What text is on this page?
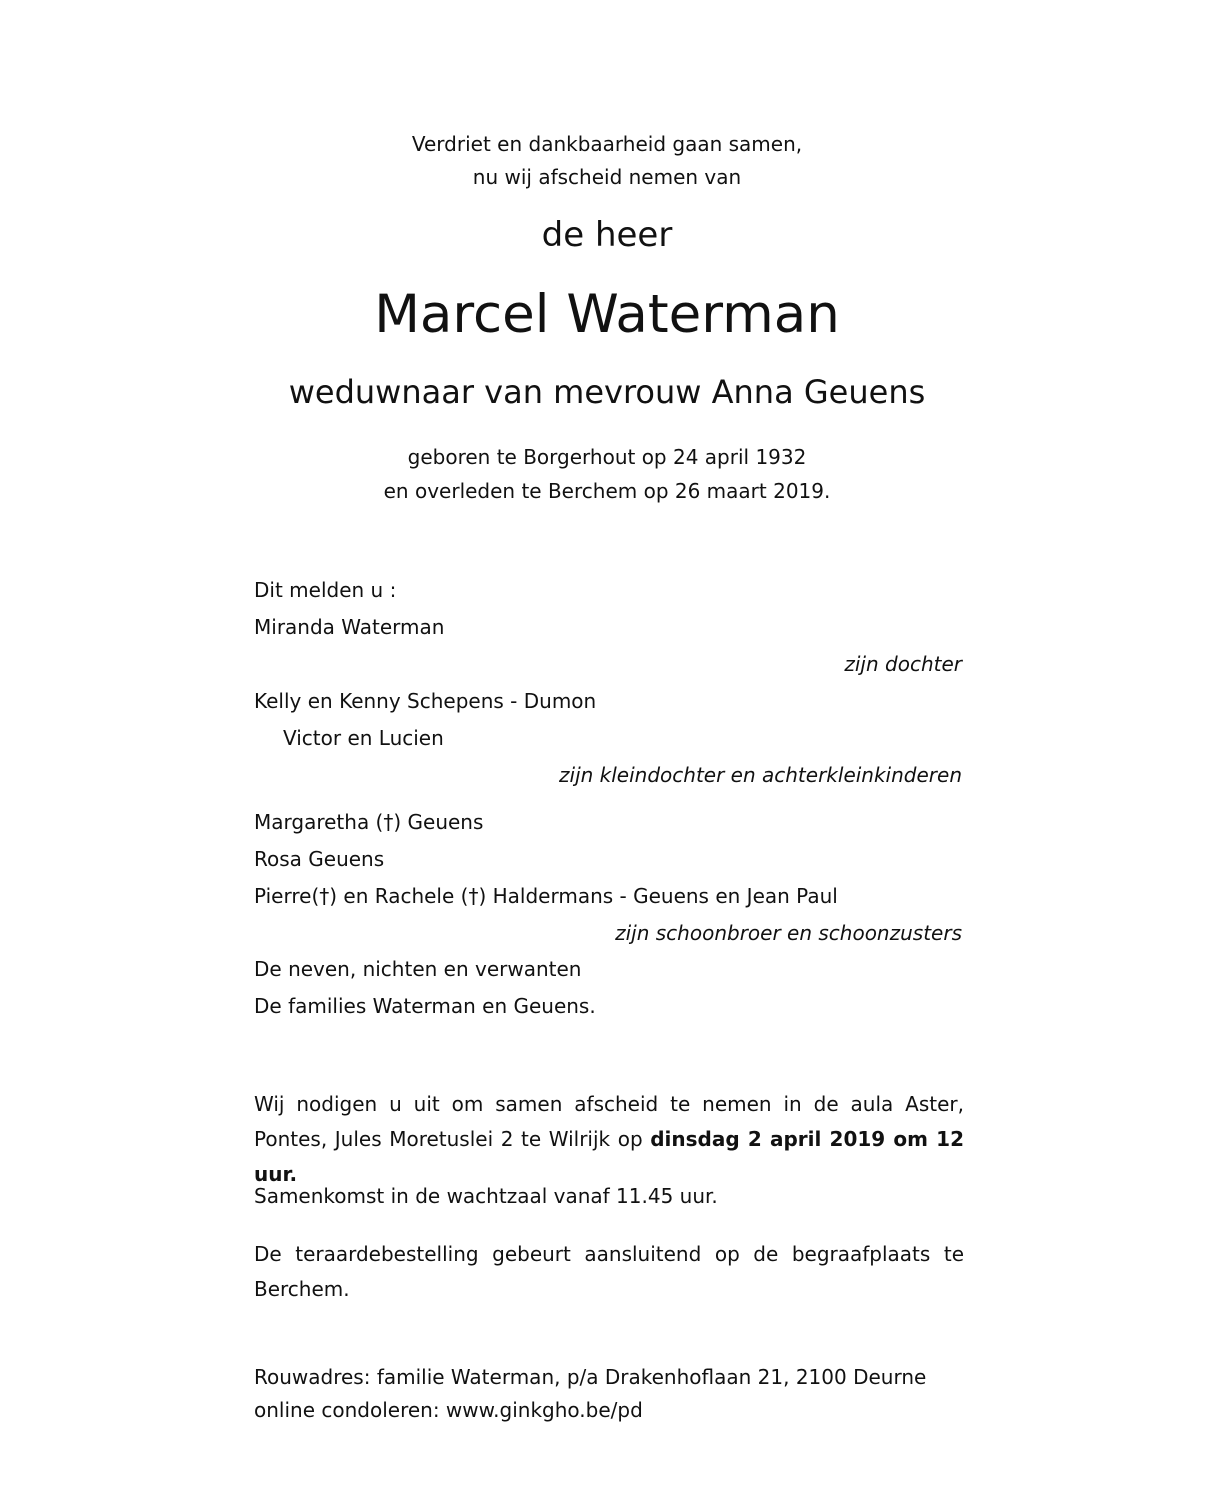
Verdriet en dankbaarheid gaan samen,
nu wij afscheid nemen van
de heer
Marcel Waterman
weduwnaar van mevrouw Anna Geuens
geboren te Borgerhout op 24 april 1932
en overleden te Berchem op 26 maart 2019.
Dit melden u :
Miranda Waterman
zijn dochter
Kelly en Kenny Schepens - Dumon
Victor en Lucien
zijn kleindochter en achterkleinkinderen
Margaretha (†) Geuens
Rosa Geuens
Pierre(†) en Rachele (†) Haldermans - Geuens en Jean Paul
zijn schoonbroer en schoonzusters
De neven, nichten en verwanten
De families Waterman en Geuens.
Wij nodigen u uit om samen afscheid te nemen in de aula Aster, Pontes, Jules Moretuslei 2 te Wilrijk op dinsdag 2 april 2019 om 12 uur.
Samenkomst in de wachtzaal vanaf 11.45 uur.
De teraardebestelling gebeurt aansluitend op de begraafplaats te Berchem.
Rouwadres: familie Waterman, p/a Drakenhoflaan 21, 2100 Deurne
online condoleren: www.ginkgho.be/pd
